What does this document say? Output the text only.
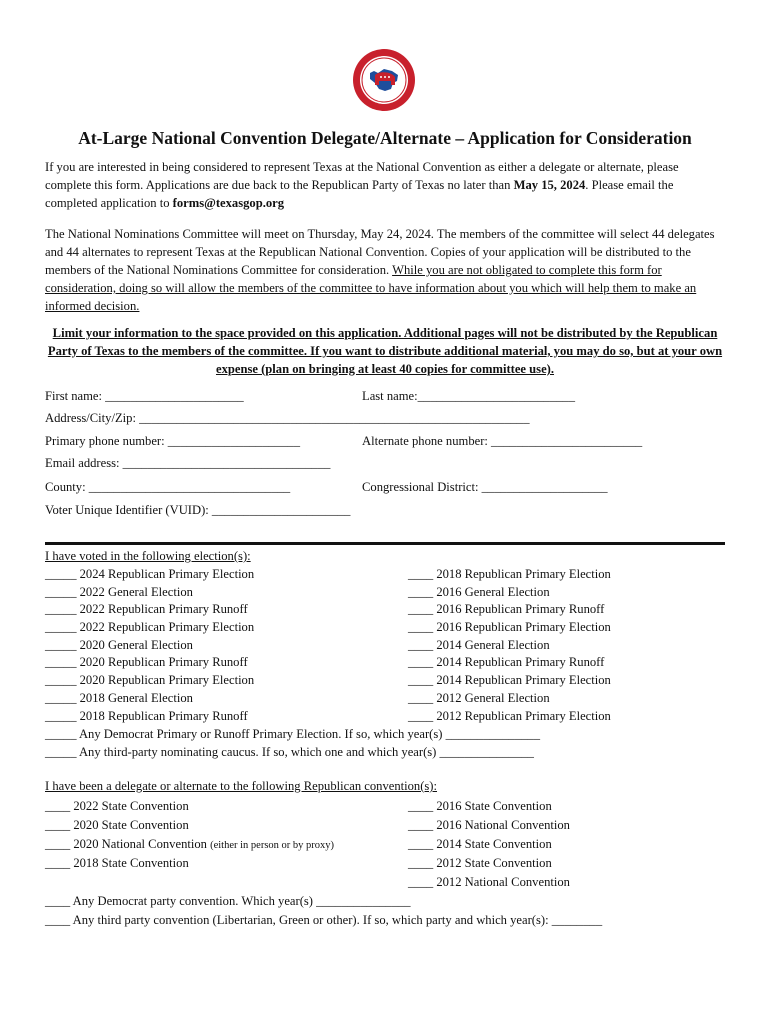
At-Large National Convention Delegate/Alternate – Application for Consideration

If you are interested in being considered to represent Texas at the National Convention as either a delegate or alternate, please complete this form. Applications are due back to the Republican Party of Texas no later than May 15, 2024. Please email the completed application to forms@texasgop.org

The National Nominations Committee will meet on Thursday, May 24, 2024. The members of the committee will select 44 delegates and 44 alternates to represent Texas at the Republican National Convention. Copies of your application will be distributed to the members of the National Nominations Committee for consideration. While you are not obligated to complete this form for consideration, doing so will allow the members of the committee to have information about you which will help them to make an informed decision.

Limit your information to the space provided on this application. Additional pages will not be distributed by the Republican Party of Texas to the members of the committee. If you want to distribute additional material, you may do so, but at your own expense (plan on bringing at least 40 copies for committee use).

First name: ______________________	Last name:_________________________
Address/City/Zip: ______________________________________________________________
Primary phone number: _____________________	Alternate phone number: ________________________
Email address: _________________________________
County: ________________________________	Congressional District: ____________________
Voter Unique Identifier (VUID): ______________________
I have voted in the following election(s):
_____ 2024 Republican Primary Election
_____ 2022 General Election
_____ 2022 Republican Primary Runoff
_____ 2022 Republican Primary Election
_____ 2020 General Election
_____ 2020 Republican Primary Runoff
_____ 2020 Republican Primary Election
_____ 2018 General Election
_____ 2018 Republican Primary Runoff
____ 2018 Republican Primary Election
____ 2016 General Election
____ 2016 Republican Primary Runoff
____ 2016 Republican Primary Election
____ 2014 General Election
____ 2014 Republican Primary Runoff
____ 2014 Republican Primary Election
____ 2012 General Election
____ 2012 Republican Primary Election
_____ Any Democrat Primary or Runoff Primary Election. If so, which year(s) _______________
_____ Any third-party nominating caucus. If so, which one and which year(s) _______________
I have been a delegate or alternate to the following Republican convention(s):
____ 2022 State Convention
____ 2020 State Convention
____ 2020 National Convention (either in person or by proxy)
____ 2018 State Convention
____ 2016 State Convention
____ 2016 National Convention
____ 2014 State Convention
____ 2012 State Convention
____ 2012 National Convention
____ Any Democrat party convention. Which year(s) _______________
____ Any third party convention (Libertarian, Green or other). If so, which party and which year(s): ________
